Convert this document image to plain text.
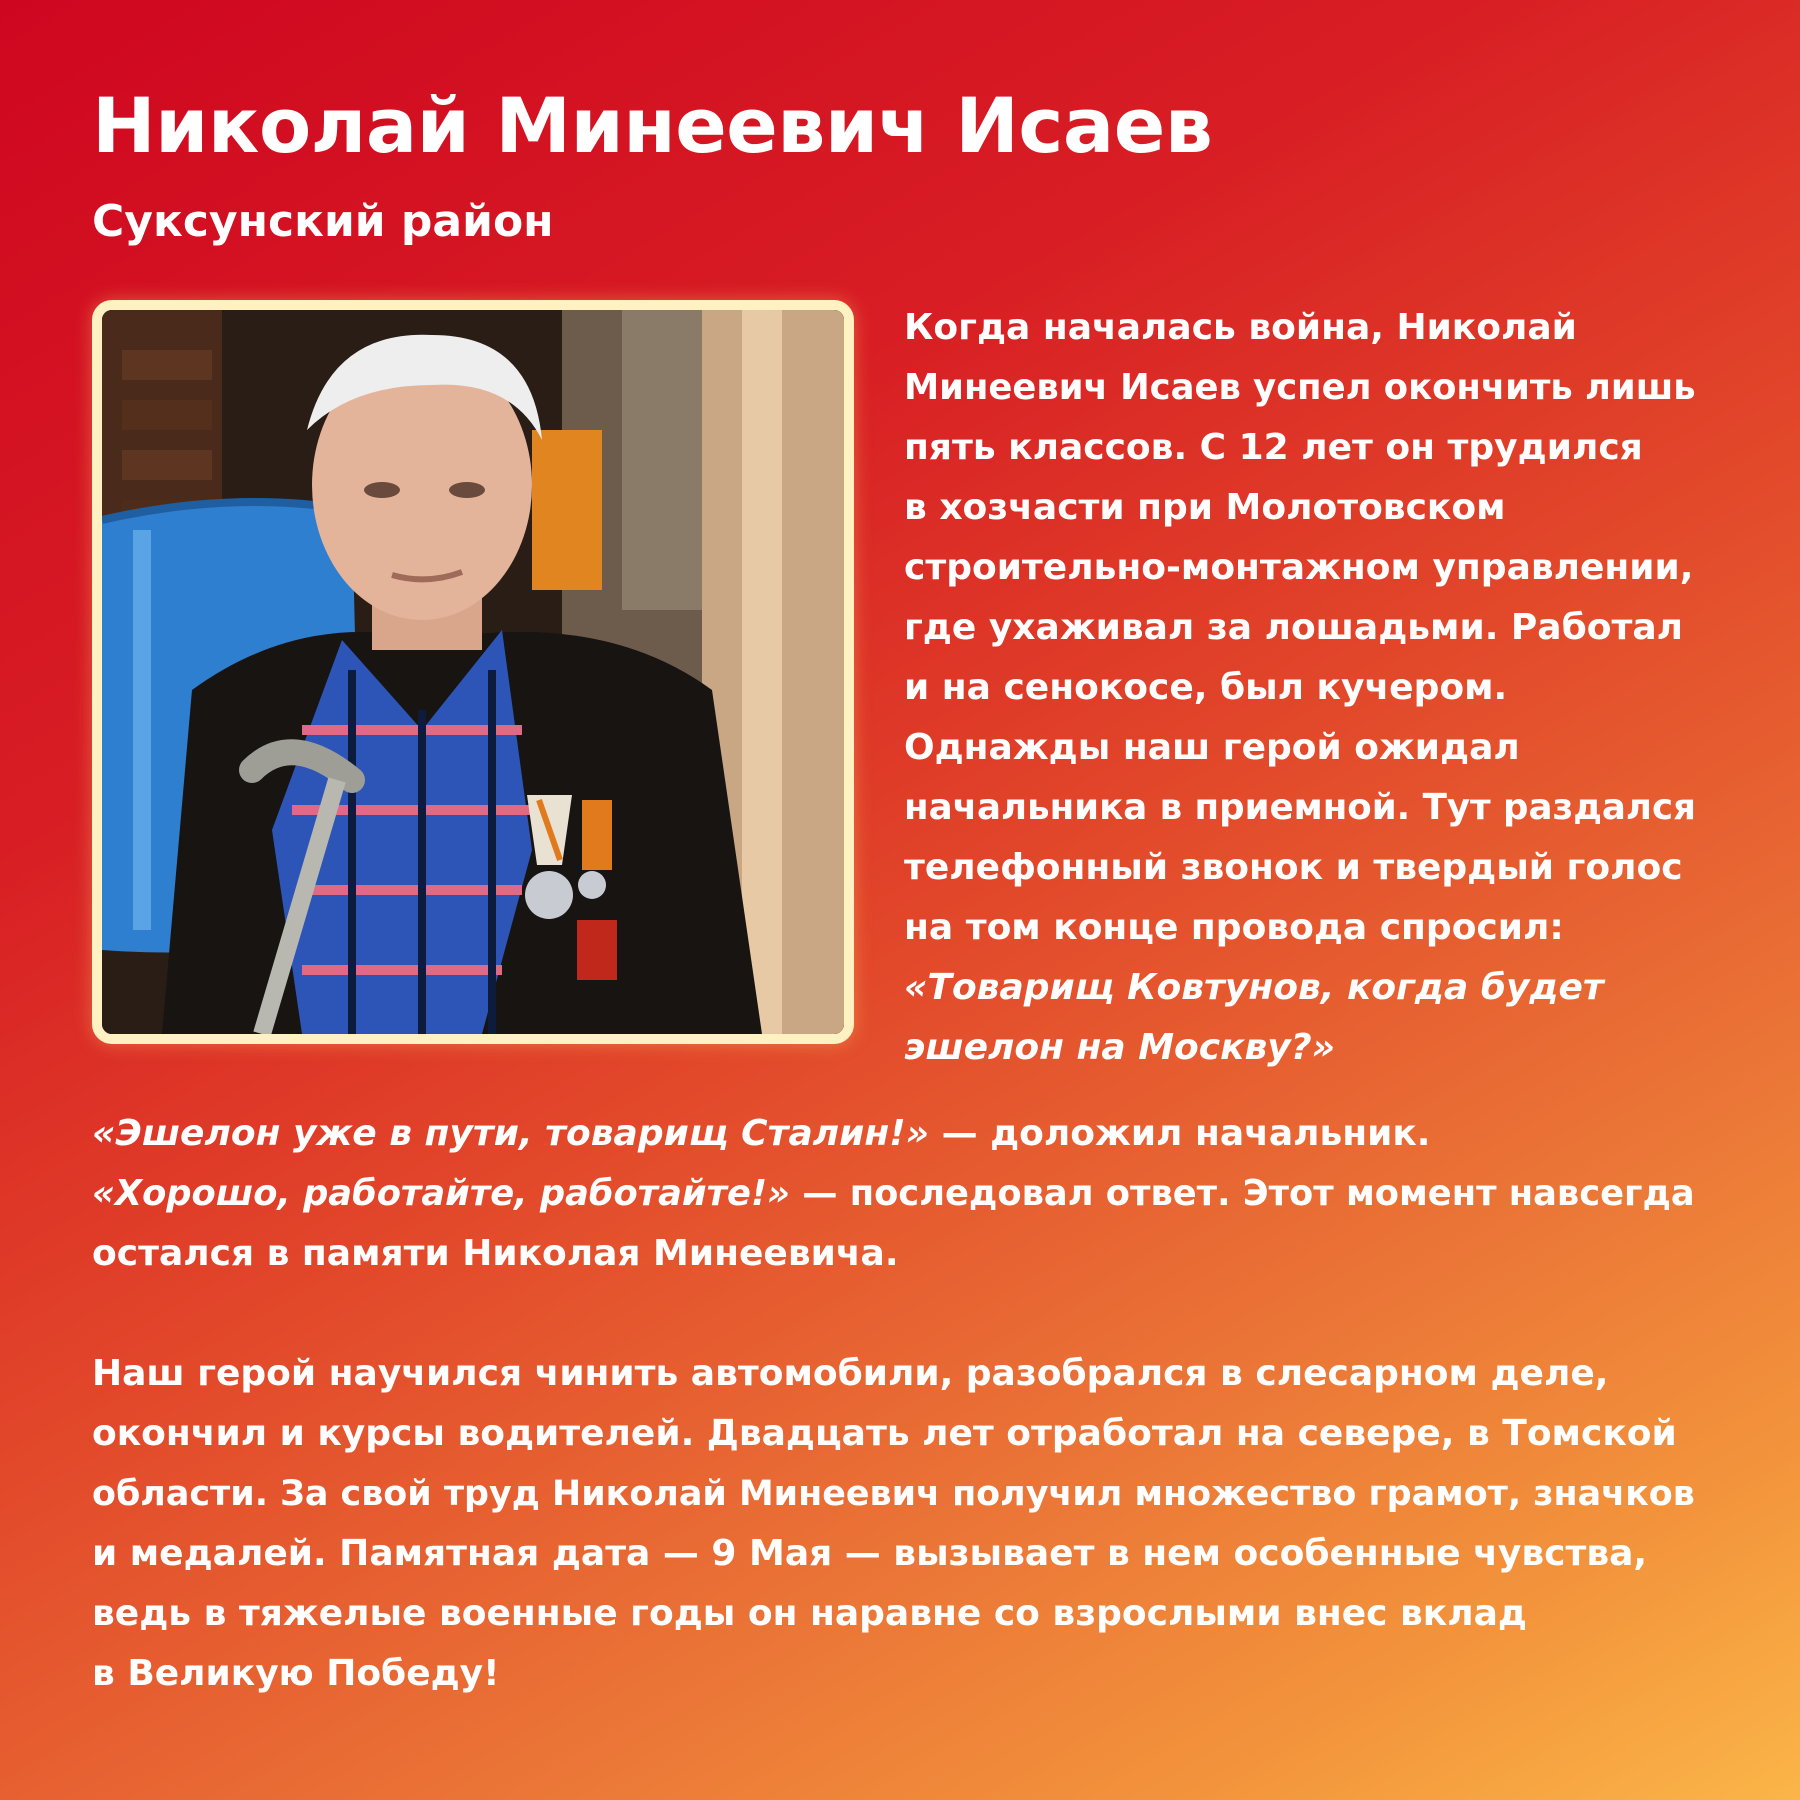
Николай Минеевич Исаев
Суксунский район
Когда началась война, Николай
Минеевич Исаев успел окончить лишь
пять классов. С 12 лет он трудился
в хозчасти при Молотовском
строительно-монтажном управлении,
где ухаживал за лошадьми. Работал
и на сенокосе, был кучером.
Однажды наш герой ожидал
начальника в приемной. Тут раздался
телефонный звонок и твердый голос
на том конце провода спросил:
«Товарищ Ковтунов, когда будет
эшелон на Москву?»
«Эшелон уже в пути, товарищ Сталин!» — доложил начальник.
«Хорошо, работайте, работайте!» — последовал ответ. Этот момент навсегда
остался в памяти Николая Минеевича.
Наш герой научился чинить автомобили, разобрался в слесарном деле,
окончил и курсы водителей. Двадцать лет отработал на севере, в Томской
области. За свой труд Николай Минеевич получил множество грамот, значков
и медалей. Памятная дата — 9 Мая — вызывает в нем особенные чувства,
ведь в тяжелые военные годы он наравне со взрослыми внес вклад
в Великую Победу!
